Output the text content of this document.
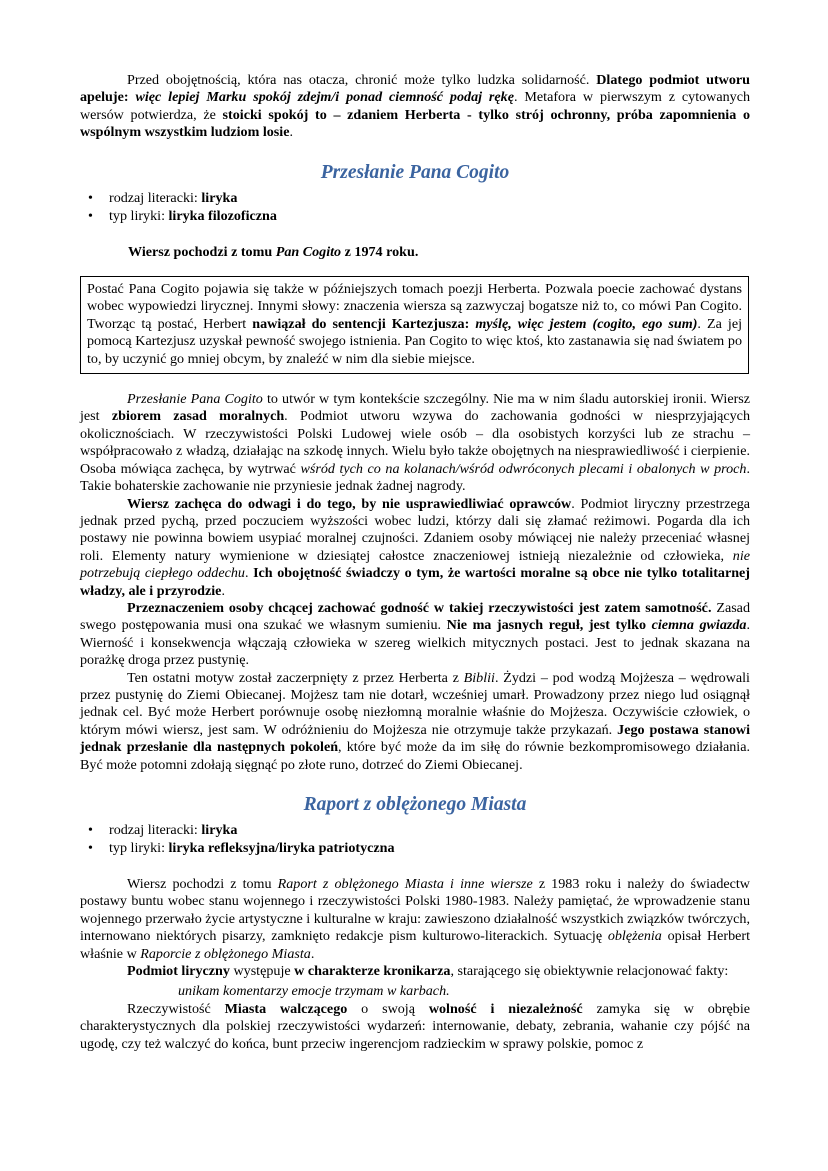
Przed obojętnością, która nas otacza, chronić może tylko ludzka solidarność. Dlatego podmiot utworu apeluje: więc lepiej Marku spokój zdejm/i ponad ciemność podaj rękę. Metafora w pierwszym z cytowanych wersów potwierdza, że stoicki spokój to – zdaniem Herberta - tylko strój ochronny, próba zapomnienia o wspólnym wszystkim ludziom losie.

Przesłanie Pana Cogito
• rodzaj literacki: liryka
• typ liryki: liryka filozoficzna

Wiersz pochodzi z tomu Pan Cogito z 1974 roku.

Postać Pana Cogito pojawia się także w późniejszych tomach poezji Herberta. Pozwala poecie zachować dystans wobec wypowiedzi lirycznej. Innymi słowy: znaczenia wiersza są zazwyczaj bogatsze niż to, co mówi Pan Cogito. Tworząc tą postać, Herbert nawiązał do sentencji Kartezjusza: myślę, więc jestem (cogito, ego sum). Za jej pomocą Kartezjusz uzyskał pewność swojego istnienia. Pan Cogito to więc ktoś, kto zastanawia się nad światem po to, by uczynić go mniej obcym, by znaleźć w nim dla siebie miejsce.

Przesłanie Pana Cogito to utwór w tym kontekście szczególny. Nie ma w nim śladu autorskiej ironii. Wiersz jest zbiorem zasad moralnych. Podmiot utworu wzywa do zachowania godności w niesprzyjających okolicznościach. W rzeczywistości Polski Ludowej wiele osób – dla osobistych korzyści lub ze strachu – współpracowało z władzą, działając na szkodę innych. Wielu było także obojętnych na niesprawiedliwość i cierpienie. Osoba mówiąca zachęca, by wytrwać wśród tych co na kolanach/wśród odwróconych plecami i obalonych w proch. Takie bohaterskie zachowanie nie przyniesie jednak żadnej nagrody.

Wiersz zachęca do odwagi i do tego, by nie usprawiedliwiać oprawców. Podmiot liryczny przestrzega jednak przed pychą, przed poczuciem wyższości wobec ludzi, którzy dali się złamać reżimowi. Pogarda dla ich postawy nie powinna bowiem usypiać moralnej czujności. Zdaniem osoby mówiącej nie należy przeceniać własnej roli. Elementy natury wymienione w dziesiątej całostce znaczeniowej istnieją niezależnie od człowieka, nie potrzebują ciepłego oddechu. Ich obojętność świadczy o tym, że wartości moralne są obce nie tylko totalitarnej władzy, ale i przyrodzie.

Przeznaczeniem osoby chcącej zachować godność w takiej rzeczywistości jest zatem samotność. Zasad swego postępowania musi ona szukać we własnym sumieniu. Nie ma jasnych reguł, jest tylko ciemna gwiazda. Wierność i konsekwencja włączają człowieka w szereg wielkich mitycznych postaci. Jest to jednak skazana na porażkę droga przez pustynię.

Ten ostatni motyw został zaczerpnięty z przez Herberta z Biblii. Żydzi – pod wodzą Mojżesza – wędrowali przez pustynię do Ziemi Obiecanej. Mojżesz tam nie dotarł, wcześniej umarł. Prowadzony przez niego lud osiągnął jednak cel. Być może Herbert porównuje osobę niezłomną moralnie właśnie do Mojżesza. Oczywiście człowiek, o którym mówi wiersz, jest sam. W odróżnieniu do Mojżesza nie otrzymuje także przykazań. Jego postawa stanowi jednak przesłanie dla następnych pokoleń, które być może da im siłę do równie bezkompromisowego działania. Być może potomni zdołają sięgnąć po złote runo, dotrzeć do Ziemi Obiecanej.

Raport z oblężonego Miasta
• rodzaj literacki: liryka
• typ liryki: liryka refleksyjna/liryka patriotyczna

Wiersz pochodzi z tomu Raport z oblężonego Miasta i inne wiersze z 1983 roku i należy do świadectw postawy buntu wobec stanu wojennego i rzeczywistości Polski 1980-1983. Należy pamiętać, że wprowadzenie stanu wojennego przerwało życie artystyczne i kulturalne w kraju: zawieszono działalność wszystkich związków twórczych, internowano niektórych pisarzy, zamknięto redakcje pism kulturowo-literackich. Sytuację oblężenia opisał Herbert właśnie w Raporcie z oblężonego Miasta.

Podmiot liryczny występuje w charakterze kronikarza, starającego się obiektywnie relacjonować fakty:

unikam komentarzy emocje trzymam w karbach.

Rzeczywistość Miasta walczącego o swoją wolność i niezależność zamyka się w obrębie charakterystycznych dla polskiej rzeczywistości wydarzeń: internowanie, debaty, zebrania, wahanie czy pójść na ugodę, czy też walczyć do końca, bunt przeciw ingerencjom radzieckim w sprawy polskie, pomoc z
